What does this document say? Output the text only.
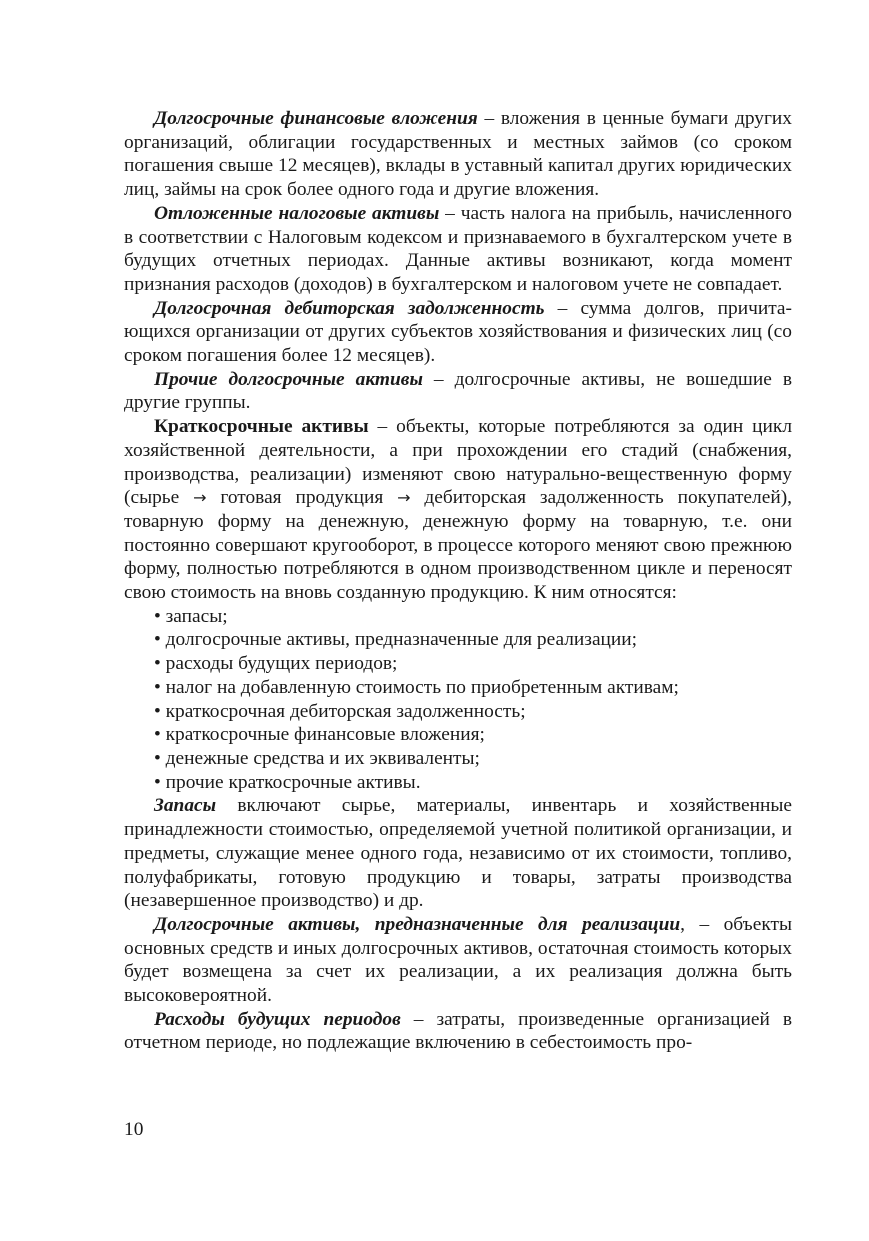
Долгосрочные финансовые вложения – вложения в ценные бумаги других организаций, облигации государственных и местных займов (со сроком погашения свыше 12 месяцев), вклады в уставный капитал других юридических лиц, займы на срок более одного года и другие вложения.

Отложенные налоговые активы – часть налога на прибыль, начисленного в соответствии с Налоговым кодексом и признаваемого в бухгалтерском учете в будущих отчетных периодах. Данные активы возникают, когда момент признания расходов (доходов) в бухгалтерском и налоговом учете не совпадает.

Долгосрочная дебиторская задолженность – сумма долгов, причитающихся организации от других субъектов хозяйствования и физических лиц (со сроком погашения более 12 месяцев).

Прочие долгосрочные активы – долгосрочные активы, не вошедшие в другие группы.

Краткосрочные активы – объекты, которые потребляются за один цикл хозяйственной деятельности, а при прохождении его стадий (снабжения, производства, реализации) изменяют свою натурально-вещественную форму (сырье → готовая продукция → дебиторская задолженность покупателей), товарную форму на денежную, денежную форму на товарную, т.е. они постоянно совершают кругооборот, в процессе которого меняют свою прежнюю форму, полностью потребляются в одном производственном цикле и переносят свою стоимость на вновь созданную продукцию. К ним относятся:

• запасы;
• долгосрочные активы, предназначенные для реализации;
• расходы будущих периодов;
• налог на добавленную стоимость по приобретенным активам;
• краткосрочная дебиторская задолженность;
• краткосрочные финансовые вложения;
• денежные средства и их эквиваленты;
• прочие краткосрочные активы.

Запасы включают сырье, материалы, инвентарь и хозяйственные принадлежности стоимостью, определяемой учетной политикой организации, и предметы, служащие менее одного года, независимо от их стоимости, топливо, полуфабрикаты, готовую продукцию и товары, затраты производства (незавершенное производство) и др.

Долгосрочные активы, предназначенные для реализации, – объекты основных средств и иных долгосрочных активов, остаточная стоимость которых будет возмещена за счет их реализации, а их реализация должна быть высоковероятной.

Расходы будущих периодов – затраты, произведенные организацией в отчетном периоде, но подлежащие включению в себестоимость про-

10
